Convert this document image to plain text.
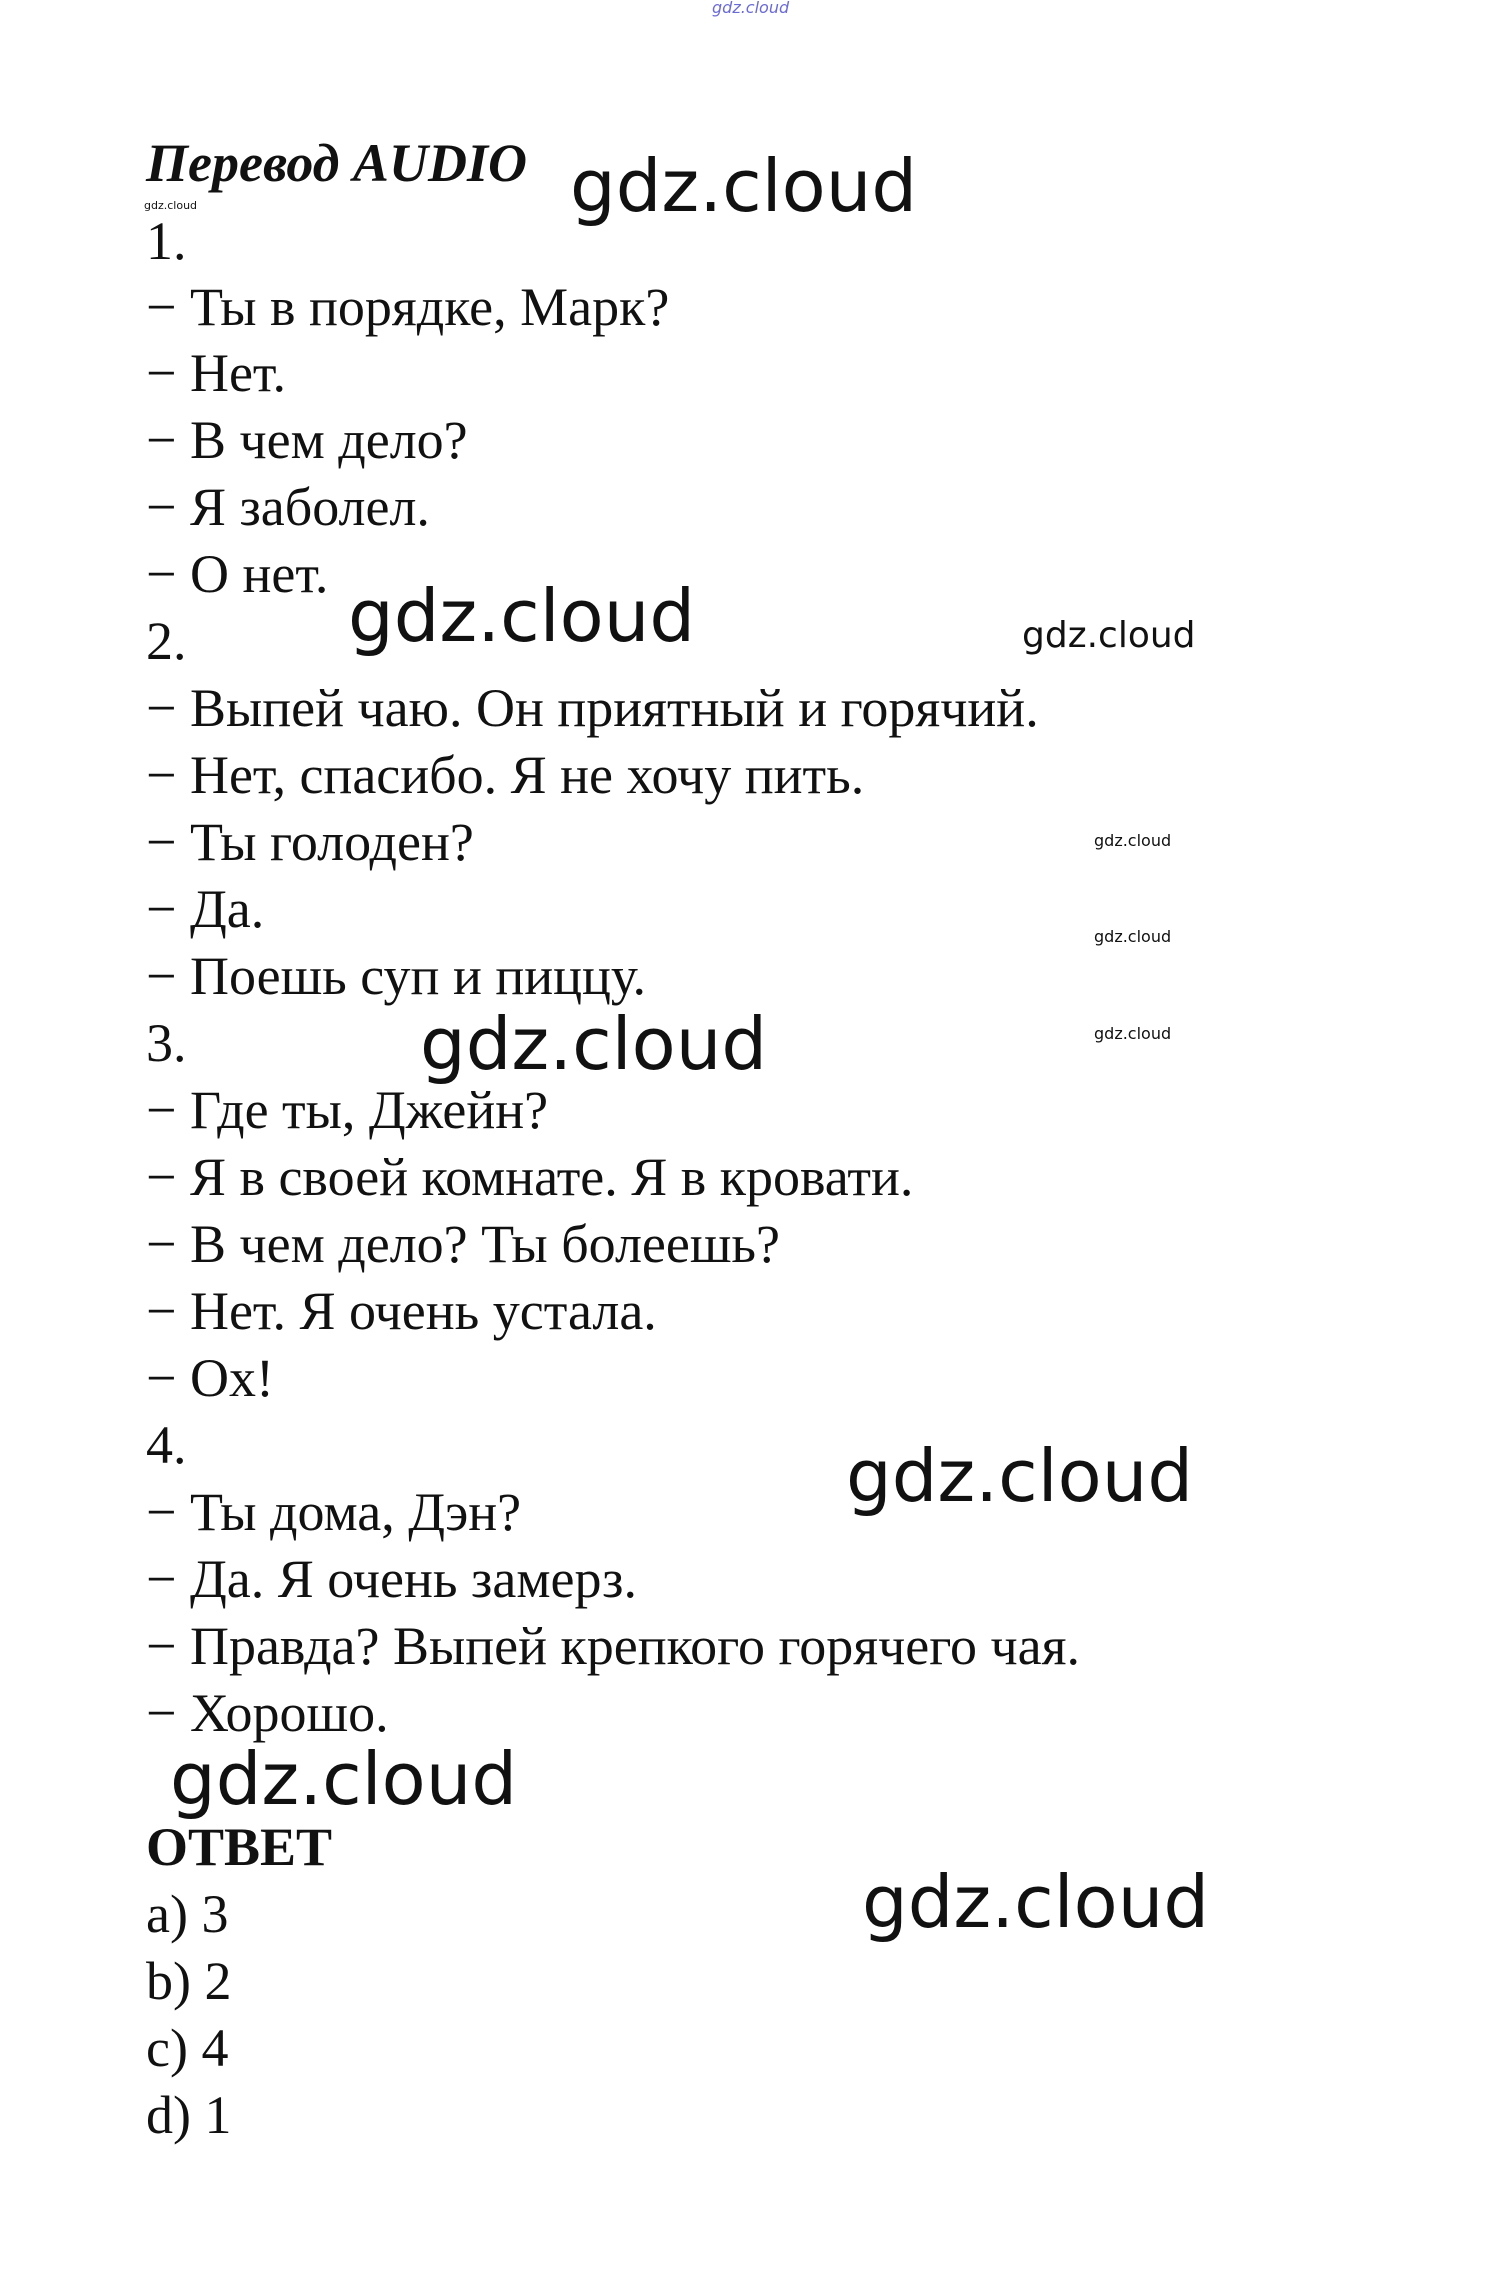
gdz.cloud
Перевод AUDIO gdz.cloud
gdz.cloud
1.
− Ты в порядке, Марк?
− Нет.
− В чем дело?
− Я заболел.
− О нет.
2. gdz.cloud	gdz.cloud
− Выпей чаю. Он приятный и горячий.
− Нет, спасибо. Я не хочу пить.
− Ты голоден?	gdz.cloud
− Да.	gdz.cloud
− Поешь суп и пиццу.
3.	gdz.cloud	gdz.cloud
− Где ты, Джейн?
− Я в своей комнате. Я в кровати.
− В чем дело? Ты болеешь?
− Нет. Я очень устала.
− Ох!
4.	gdz.cloud
− Ты дома, Дэн?
− Да. Я очень замерз.
− Правда? Выпей крепкого горячего чая.
− Хорошо.
gdz.cloud
ОТВЕТ
gdz.cloud
a) 3
b) 2
c) 4
d) 1
